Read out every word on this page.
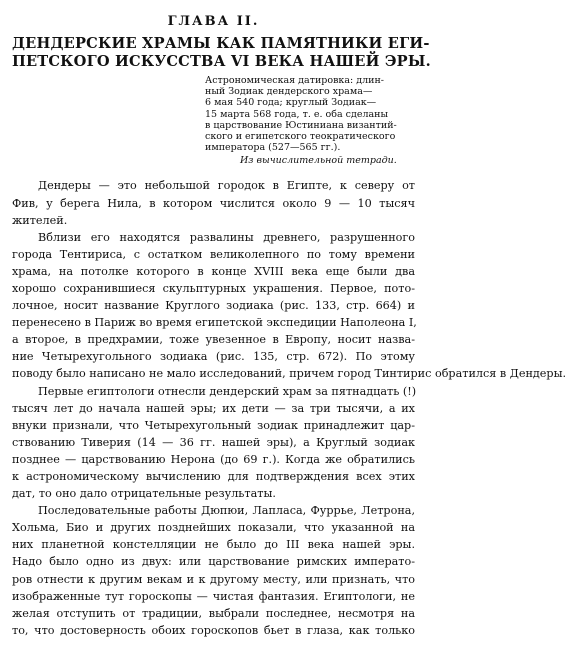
ГЛАВА II.
ДЕНДЕРСКИЕ ХРАМЫ КАК ПАМЯТНИКИ ЕГИ-
ПЕТСКОГО ИСКУССТВА VI ВЕКА НАШЕЙ ЭРЫ.
Астрономическая датировка: длин-
ный Зодиак дендерского храма—
6 мая 540 года; круглый Зодиак—
15 марта 568 года, т. е. оба сделаны
в царствование Юстиниана византий-
ского и египетского теократического
императора (527—565 гг.).
Из вычислительной тетради.

Дендеры — это небольшой городок в Египте, к северу от
Фив, у берега Нила, в котором числится около 9 — 10 тысяч
жителей.

Вблизи его находятся развалины древнего, разрушенного
города Тентириса, с остатком великолепного по тому времени
храма, на потолке которого в конце XVIII века еще были два
хорошо сохранившиеся скульптурных украшения. Первое, пото-
лочное, носит название Круглого зодиака (рис. 133, стр. 664) и
перенесено в Париж во время египетской экспедиции Наполеона I,
а второе, в предхрамии, тоже увезенное в Европу, носит назва-
ние Четырехугольного зодиака (рис. 135, стр. 672). По этому
поводу было написано не мало исследований, причем город Тинтирис обратился в Дендеры.

Первые египтологи отнесли дендерский храм за пятнадцать (!)
тысяч лет до начала нашей эры; их дети — за три тысячи, а их
внуки признали, что Четырехугольный зодиак принадлежит цар-
ствованию Тиверия (14 — 36 гг. нашей эры), а Круглый зодиак
позднее — царствованию Нерона (до 69 г.). Когда же обратились
к астрономическому вычислению для подтверждения всех этих
дат, то оно дало отрицательные результаты.

Последовательные работы Дюпюи, Лапласа, Фуррье, Летрона,
Хольма, Био и других позднейших показали, что указанной на
них планетной констелляции не было до III века нашей эры.
Надо было одно из двух: или царствование римских императо-
ров отнести к другим векам и к другому месту, или признать, что
изображенные тут гороскопы — чистая фантазия. Египтологи, не
желая отступить от традиции, выбрали последнее, несмотря на
то, что достоверность обоих гороскопов бьет в глаза, как только
